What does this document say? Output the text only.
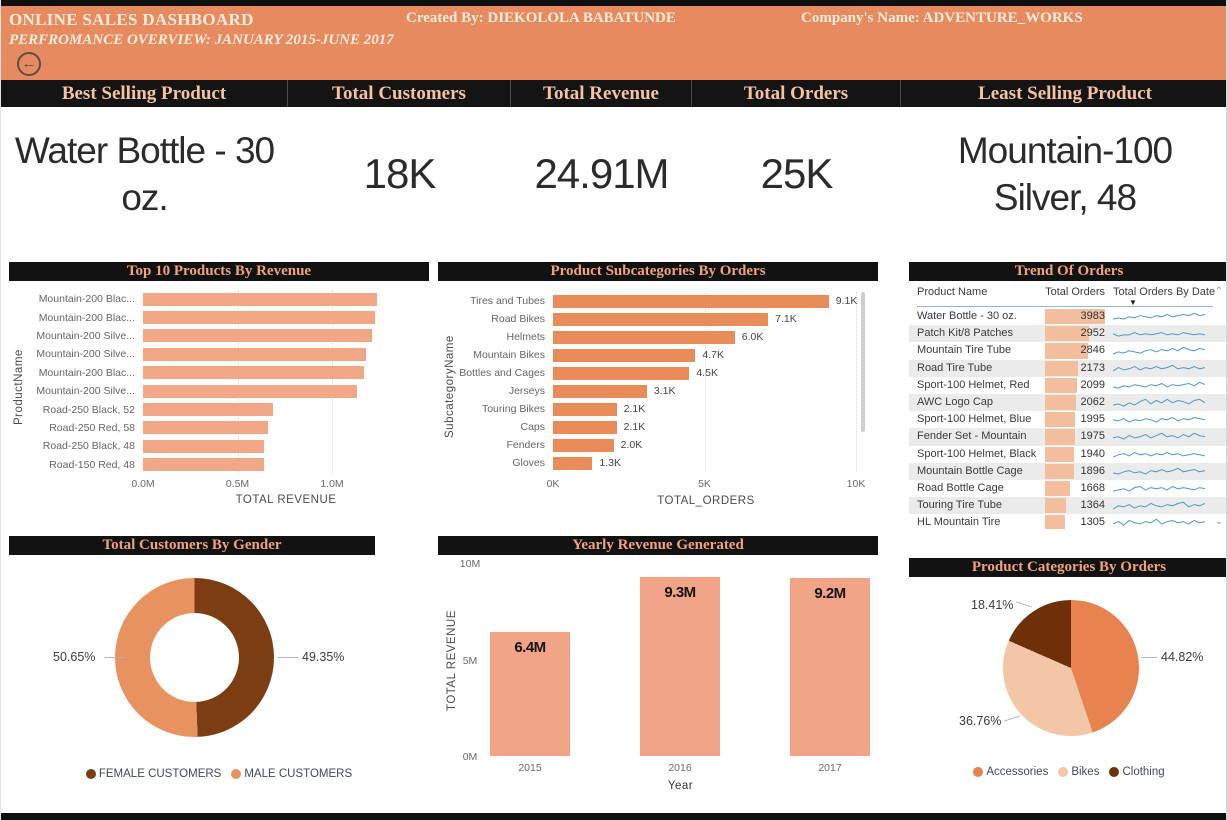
ONLINE SALES DASHBOARD
PERFROMANCE OVERVIEW: JANUARY 2015-JUNE 2017
Created By: DIEKOLOLA BABATUNDE	Company's Name: ADVENTURE_WORKS
←
Best Selling Product	Total Customers	Total Revenue	Total Orders	Least Selling Product
Water Bottle - 30 oz.	18K 24.91M 25K	Mountain-100 Silver, 48
Top 10 Products By Revenue
Mountain-200 Blac...
Mountain-200 Blac...
Mountain-200 Silve...
Mountain-200 Silve...
Mountain-200 Blac...
Mountain-200 Silve...
Road-250 Black, 52
Road-250 Red, 58
Road-250 Black, 48
Road-150 Red, 48
0.0M	0.5M	1.0M
TOTAL REVENUE
ProductName
Product Subcategories By Orders
Tires and Tubes	9.1K
Road Bikes	7.1K
Helmets	6.0K
Mountain Bikes	4.7K
Bottles and Cages	4.5K
Jerseys	3.1K
Touring Bikes	2.1K
Caps	2.1K
Fenders	2.0K
Gloves	1.3K
0K	5K	10K
TOTAL_ORDERS
SubcategoryName
Trend Of Orders
Product Name	Total Orders Total Orders By Date
▼
⌃
Water Bottle - 30 oz.	3983
Patch Kit/8 Patches	2952
Mountain Tire Tube	2846
Road Tire Tube	2173
Sport-100 Helmet, Red	2099
AWC Logo Cap	2062
Sport-100 Helmet, Blue	1995
Fender Set - Mountain	1975
Sport-100 Helmet, Black	1940
Mountain Bottle Cage	1896
Road Bottle Cage	1668
Touring Tire Tube	1364
HL Mountain Tire	1305	⌄
Total Customers By Gender
50.65%	49.35%
FEMALE CUSTOMERS MALE CUSTOMERS
Yearly Revenue Generated
0M
5M
10M
6.4M
2015
9.3M
2016
9.2M
2017
Year
TOTAL REVENUE
Product Categories By Orders
18.41%
44.82%
36.76%
Accessories Bikes Clothing
